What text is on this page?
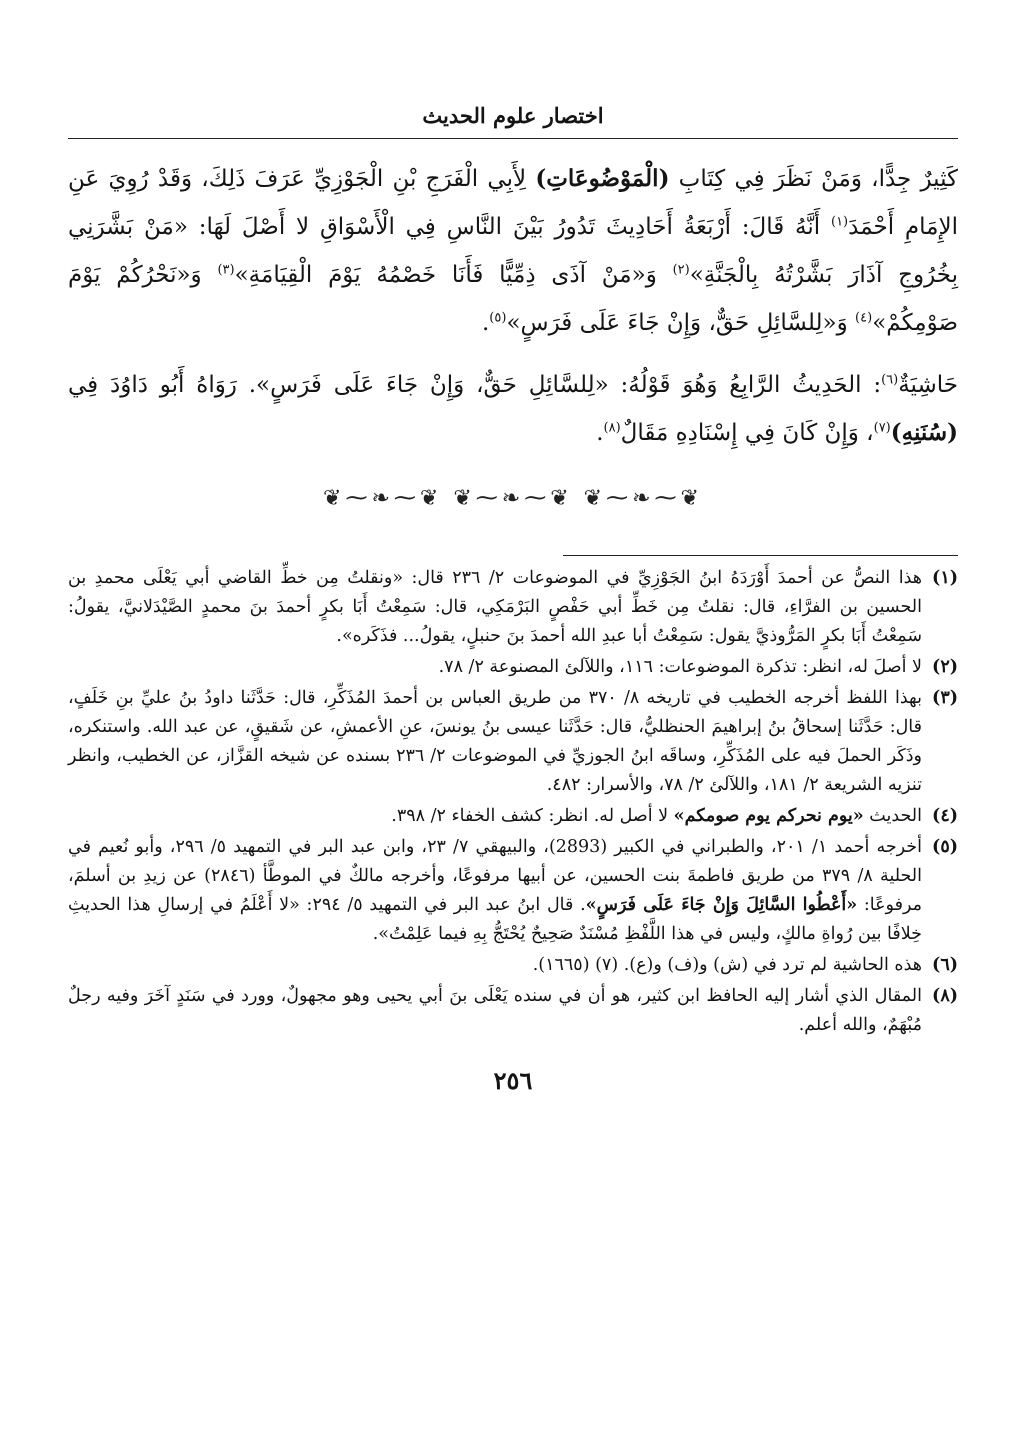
اختصار علوم الحديث

كَثِيرٌ جِدًّا، وَمَنْ نَظَرَ فِي كِتَابِ (الْمَوْضُوعَاتِ) لِأَبِي الْفَرَجِ بْنِ الْجَوْزِيِّ عَرَفَ ذَلِكَ، وَقَدْ رُوِيَ عَنِ الإِمَامِ أَحْمَدَ$^{(١)}$ أَنَّهُ قَالَ: أَرْبَعَةُ أَحَادِيثَ تَدُورُ بَيْنَ النَّاسِ فِي الْأَسْوَاقِ لا أَصْلَ لَهَا: «مَنْ بَشَّرَنِي بِخُرُوجِ آذَارَ بَشَّرْتُهُ بِالْجَنَّةِ»$^{(٢)}$ وَ«مَنْ آذَى ذِمِّيًّا فَأَنَا خَصْمُهُ يَوْمَ الْقِيَامَةِ»$^{(٣)}$ وَ«نَحْرُكُمْ يَوْمَ صَوْمِكُمْ»$^{(٤)}$ وَ«لِلسَّائِلِ حَقٌّ، وَإِنْ جَاءَ عَلَى فَرَسٍ»$^{(٥)}$.

حَاشِيَةٌ$^{(٦)}$: الحَدِيثُ الرَّابِعُ وَهُوَ قَوْلُهُ: «لِلسَّائِلِ حَقٌّ، وَإِنْ جَاءَ عَلَى فَرَسٍ». رَوَاهُ أَبُو دَاوُدَ فِي (سُنَنِهِ)$^{(٧)}$، وَإِنْ كَانَ فِي إِسْنَادِهِ مَقَالٌ$^{(٨)}$.

❦⁓❧⁓❦ ❦⁓❧⁓❦ ❦⁓❧⁓❦
(١)
هذا النصُّ عن أحمدَ أَوْرَدَهُ ابنُ الجَوْزِيِّ في الموضوعات ٢/ ٢٣٦ قال: «ونقلتُ مِن خطِّ القاضي أبي يَعْلَى محمدِ بن الحسين بن الفرَّاءِ، قال: نقلتُ مِن خَطِّ أبي حَفْصٍ البَرْمَكِي، قال: سَمِعْتُ أَبَا بكرٍ أحمدَ بنَ محمدٍ الصَّيْدَلانيَّ، يقولُ: سَمِعْتُ أَبَا بكرٍ المَرُّوذيَّ يقول: سَمِعْتُ أبا عبدِ الله أحمدَ بنَ حنبلٍ، يقولُ... فذَكَره».
(٢)
لا أصلَ له، انظر: تذكرة الموضوعات: ١١٦، واللآلئ المصنوعة ٢/ ٧٨.
(٣)
بهذا اللفظ أخرجه الخطيب في تاريخه ٨/ ٣٧٠ من طريق العباس بن أحمدَ المُذَكِّرِ، قال: حَدَّثَنا داودُ بنُ عليِّ بنِ خَلَفٍ، قال: حَدَّثَنا إسحاقُ بنُ إبراهيمَ الحنظليُّ، قال: حَدَّثَنا عيسى بنُ يونسَ، عنِ الأعمشِ، عن شَقيقٍ، عن عبد الله. واستنكره، وذَكَر الحملَ فيه على المُذَكِّرِ، وساقَه ابنُ الجوزيِّ في الموضوعات ٢/ ٢٣٦ بسنده عن شيخه القزَّاز، عن الخطيب، وانظر تنزيه الشريعة ٢/ ١٨١، واللآلئ ٢/ ٧٨، والأسرار: ٤٨٢.
(٤)
الحديث «يوم نحركم يوم صومكم» لا أصل له. انظر: كشف الخفاء ٢/ ٣٩٨.
(٥)
أخرجه أحمد ١/ ٢٠١، والطبراني في الكبير (2893)، والبيهقي ٧/ ٢٣، وابن عبد البر في التمهيد ٥/ ٢٩٦، وأبو نُعيم في الحلية ٨/ ٣٧٩ من طريق فاطمةَ بنت الحسين، عن أبيها مرفوعًا، وأخرجه مالكٌ في الموطَّأ (٢٨٤٦) عن زيدِ بن أسلمَ، مرفوعًا: «أَعْطُوا السَّائِلَ وَإِنْ جَاءَ عَلَى فَرَسٍ». قال ابنُ عبد البر في التمهيد ٥/ ٢٩٤: «لا أَعْلَمُ في إرسالِ هذا الحديثِ خِلافًا بين رُواةِ مالكٍ، وليس في هذا اللَّفْظِ مُسْنَدٌ صَحِيحٌ يُحْتَجُّ بِهِ فيما عَلِمْتُ».
(٦)
هذه الحاشية لم ترد في (ش) و(ف) و(ع). (٧) (١٦٦٥).
(٨)
المقال الذي أشار إليه الحافظ ابن كثير، هو أن في سنده يَعْلَى بنَ أبي يحيى وهو مجهولٌ، وورد في سَنَدٍ آخَرَ وفيه رجلٌ مُبْهَمٌ، والله أعلم.
٢٥٦
